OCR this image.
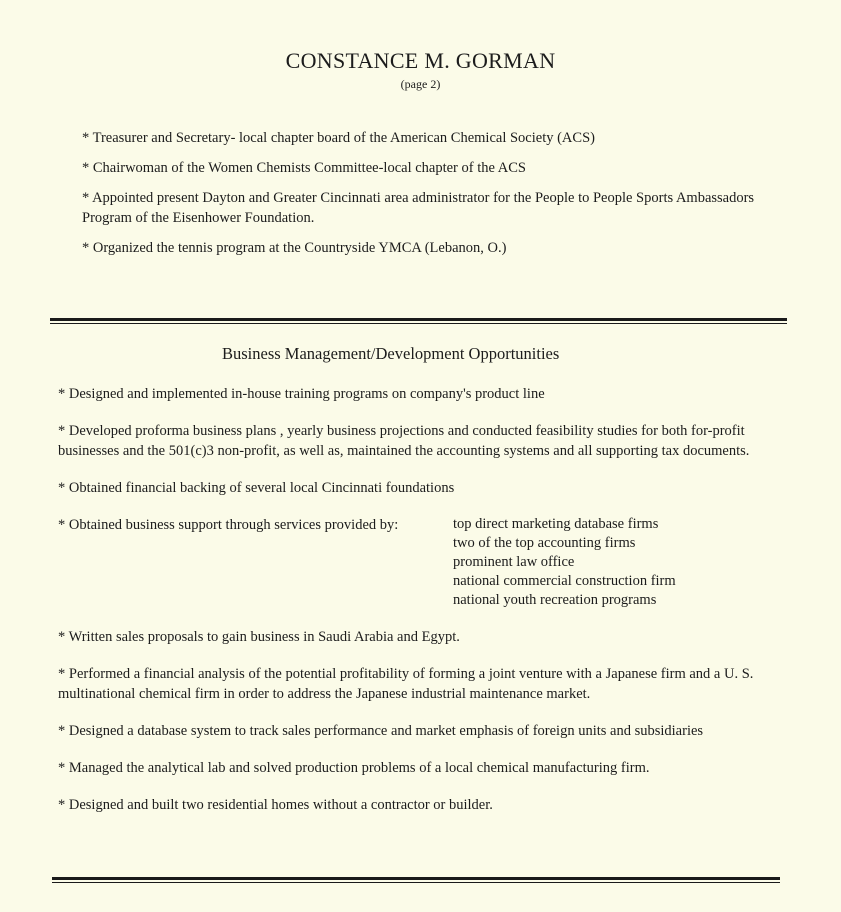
CONSTANCE M. GORMAN
(page 2)
* Treasurer and Secretary- local chapter board of the American Chemical Society (ACS)
* Chairwoman of the Women Chemists Committee-local chapter of the ACS
* Appointed present Dayton and Greater Cincinnati area administrator for the People to People Sports Ambassadors Program of the Eisenhower Foundation.
* Organized the tennis program at the Countryside YMCA (Lebanon, O.)
Business Management/Development Opportunities
* Designed and implemented in-house training programs on company's product line
* Developed proforma business plans , yearly business projections and conducted feasibility studies for both for-profit businesses and the 501(c)3 non-profit, as well as, maintained the accounting systems and all supporting tax documents.
* Obtained financial backing of several local Cincinnati foundations
* Obtained business support through services provided by:	top direct marketing database firms
two of the top accounting firms
prominent law office
national commercial construction firm
national youth recreation programs
* Written sales proposals to gain business in Saudi Arabia and Egypt.
* Performed a financial analysis of the potential profitability of forming a joint venture with a Japanese firm and a U. S. multinational chemical firm in order to address the Japanese industrial maintenance market.
* Designed a database system to track sales performance and market emphasis of foreign units and subsidiaries
* Managed the analytical lab and solved production problems of a local chemical manufacturing firm.
* Designed and built two residential homes without a contractor or builder.
